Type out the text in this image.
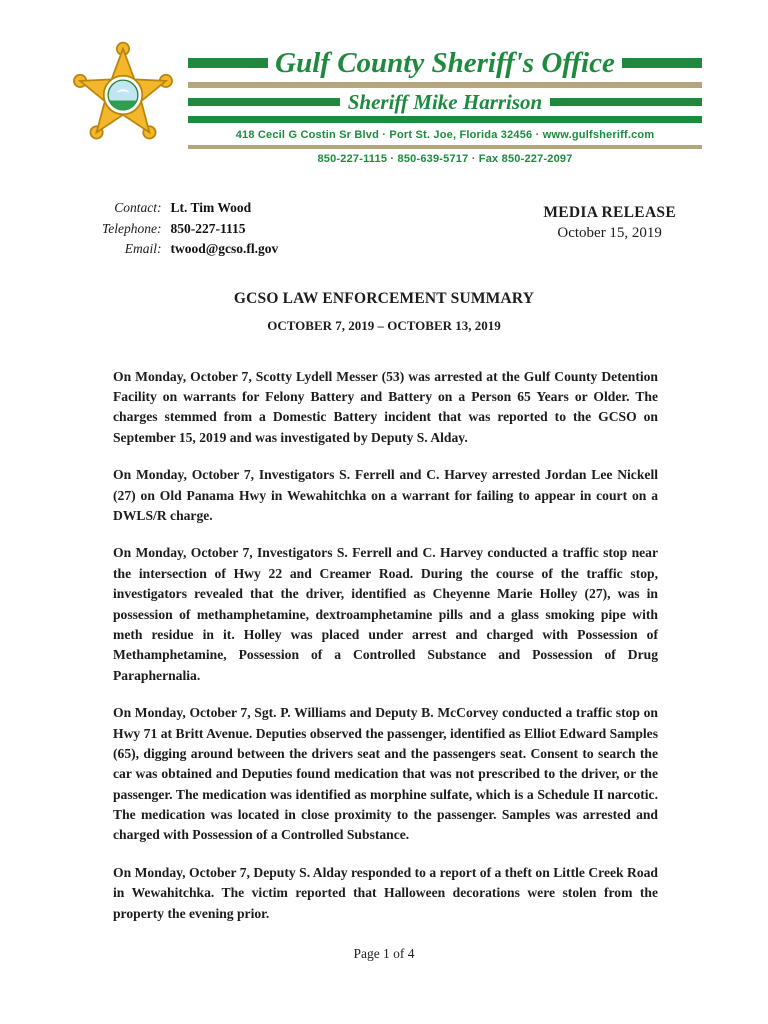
Gulf County Sheriff's Office
Sheriff Mike Harrison
418 Cecil G Costin Sr Blvd · Port St. Joe, Florida 32456 · www.gulfsheriff.com
850-227-1115 · 850-639-5717 · Fax 850-227-2097
Contact: Lt. Tim Wood
Telephone: 850-227-1115
Email: twood@gcso.fl.gov
MEDIA RELEASE
October 15, 2019
GCSO LAW ENFORCEMENT SUMMARY
OCTOBER 7, 2019 – OCTOBER 13, 2019

On Monday, October 7, Scotty Lydell Messer (53) was arrested at the Gulf County Detention Facility on warrants for Felony Battery and Battery on a Person 65 Years or Older. The charges stemmed from a Domestic Battery incident that was reported to the GCSO on September 15, 2019 and was investigated by Deputy S. Alday.

On Monday, October 7, Investigators S. Ferrell and C. Harvey arrested Jordan Lee Nickell (27) on Old Panama Hwy in Wewahitchka on a warrant for failing to appear in court on a DWLS/R charge.

On Monday, October 7, Investigators S. Ferrell and C. Harvey conducted a traffic stop near the intersection of Hwy 22 and Creamer Road. During the course of the traffic stop, investigators revealed that the driver, identified as Cheyenne Marie Holley (27), was in possession of methamphetamine, dextroamphetamine pills and a glass smoking pipe with meth residue in it. Holley was placed under arrest and charged with Possession of Methamphetamine, Possession of a Controlled Substance and Possession of Drug Paraphernalia.

On Monday, October 7, Sgt. P. Williams and Deputy B. McCorvey conducted a traffic stop on Hwy 71 at Britt Avenue. Deputies observed the passenger, identified as Elliot Edward Samples (65), digging around between the drivers seat and the passengers seat. Consent to search the car was obtained and Deputies found medication that was not prescribed to the driver, or the passenger. The medication was identified as morphine sulfate, which is a Schedule II narcotic. The medication was located in close proximity to the passenger. Samples was arrested and charged with Possession of a Controlled Substance.

On Monday, October 7, Deputy S. Alday responded to a report of a theft on Little Creek Road in Wewahitchka. The victim reported that Halloween decorations were stolen from the property the evening prior.

Page 1 of 4
